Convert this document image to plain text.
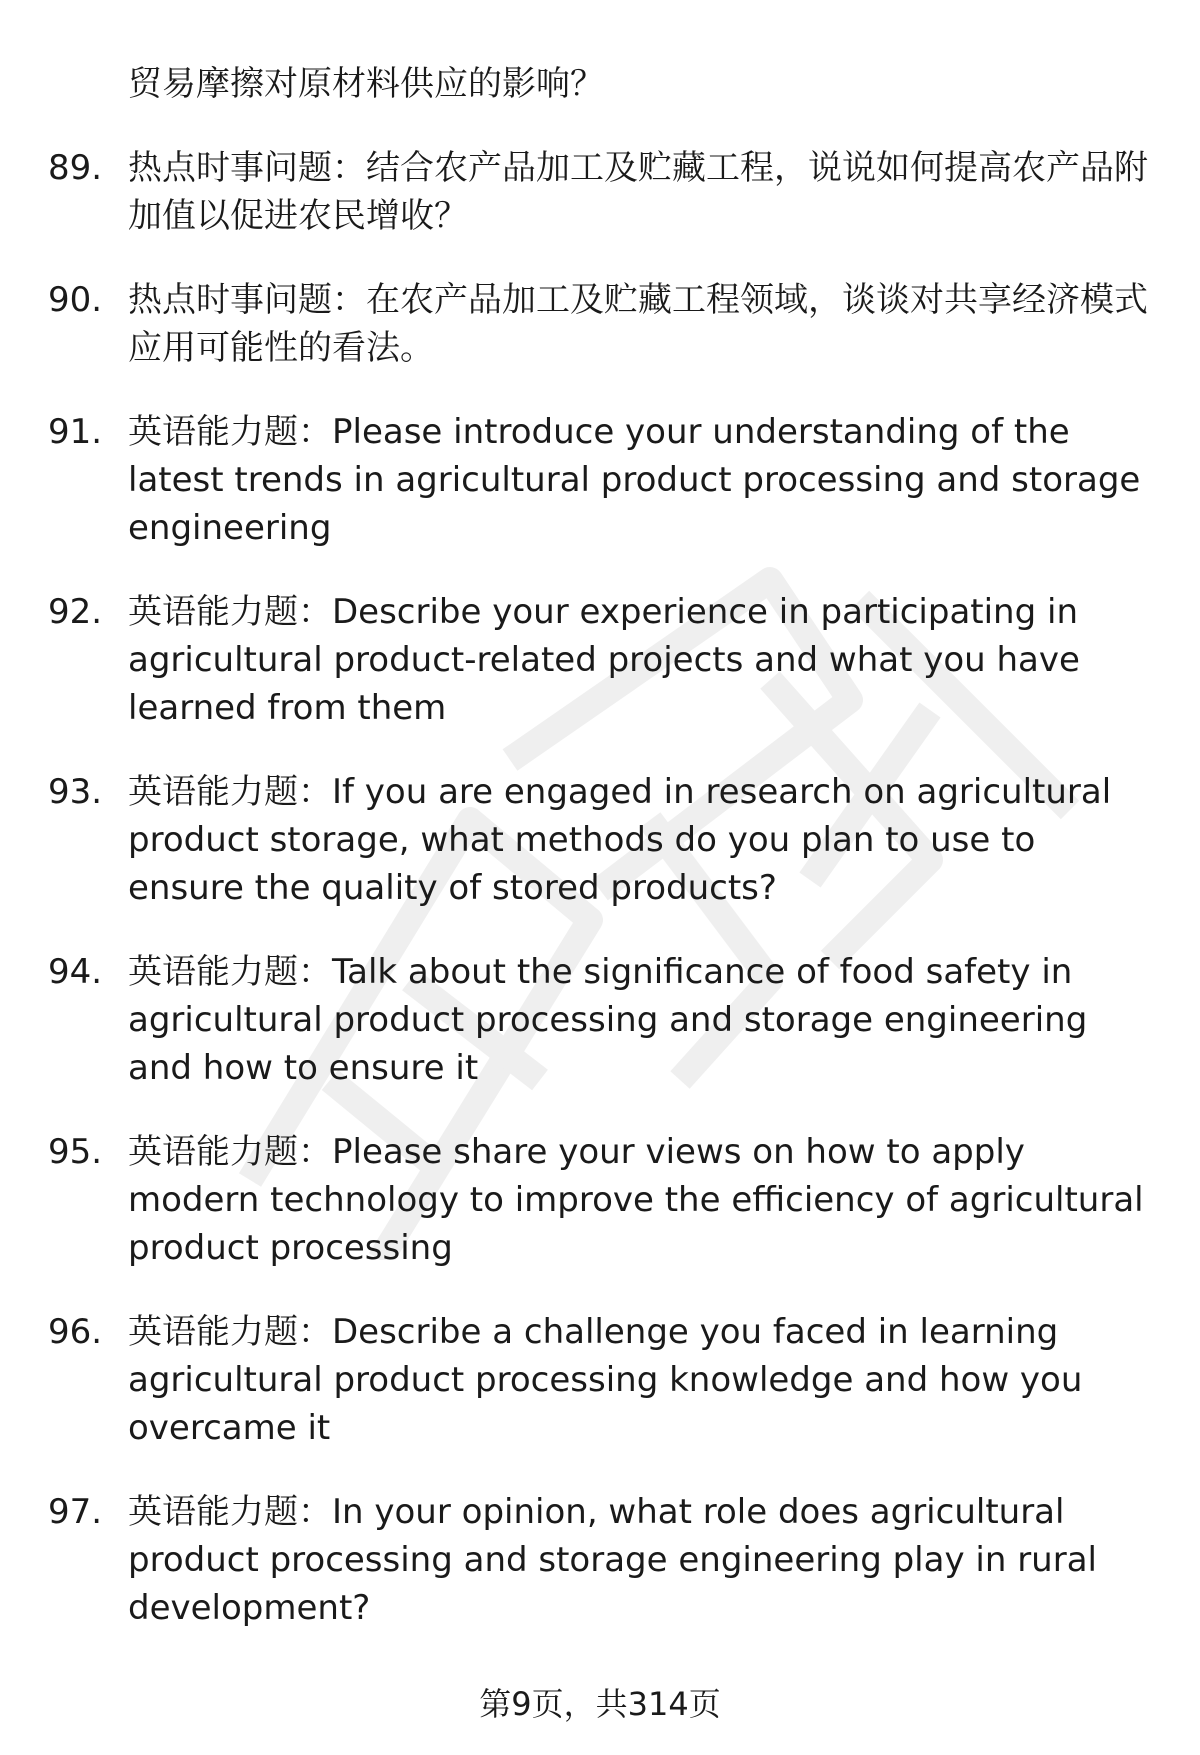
贸易摩擦对原材料供应的影响？
89. 热点时事问题：结合农产品加工及贮藏工程，说说如何提高农产品附加值以促进农民增收？
90. 热点时事问题：在农产品加工及贮藏工程领域，谈谈对共享经济模式应用可能性的看法。
91. 英语能力题：Please introduce your understanding of the latest trends in agricultural product processing and storage engineering
92. 英语能力题：Describe your experience in participating in agricultural product-related projects and what you have learned from them
93. 英语能力题：If you are engaged in research on agricultural product storage, what methods do you plan to use to ensure the quality of stored products?
94. 英语能力题：Talk about the significance of food safety in agricultural product processing and storage engineering and how to ensure it
95. 英语能力题：Please share your views on how to apply modern technology to improve the efficiency of agricultural product processing
96. 英语能力题：Describe a challenge you faced in learning agricultural product processing knowledge and how you overcame it
97. 英语能力题：In your opinion, what role does agricultural product processing and storage engineering play in rural development?
第9页，共314页
